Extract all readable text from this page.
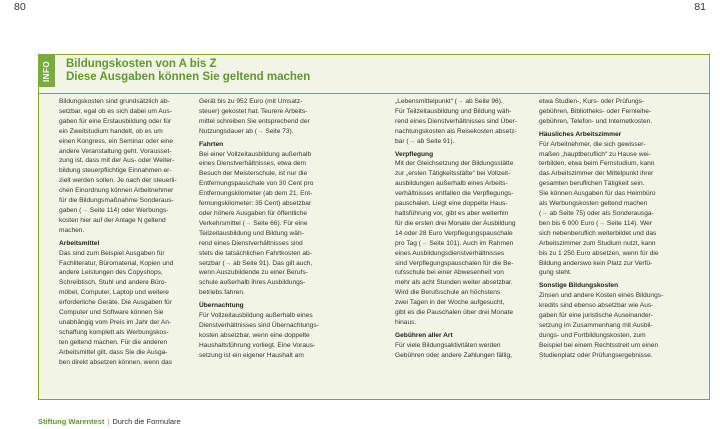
80	81
INFO Bildungskosten von A bis Z
Diese Ausgaben können Sie geltend machen

Bildungskosten sind grundsätzlich ab-
setzbar, egal ob es sich dabei um Aus-
gaben für eine Erstausbildung oder für
ein Zweitstudium handelt, ob es um
einen Kongress, ein Seminar oder eine
andere Veranstaltung geht. Vorausset-
zung ist, dass mit der Aus- oder Weiter-
bildung steuerpflichtige Einnahmen er-
zielt werden sollen. Je nach der steuerli-
chen Einordnung können Arbeitnehmer
für die Bildungsmaßnahme Sonderaus-

gaben (→ Seite 114) oder Werbungs-

kosten hier auf der Anlage N geltend
machen.

Arbeitsmittel

Das sind zum Beispiel Ausgaben für
Fachliteratur, Büromaterial, Kopien und
andere Leistungen des Copyshops,
Schreibtisch, Stuhl und andere Büro-
möbel, Computer, Laptop und weitere
erforderliche Geräte. Die Ausgaben für
Computer und Software können Sie
unabhängig vom Preis im Jahr der An-
schaffung komplett als Werbungskos-
ten geltend machen. Für die anderen
Arbeitsmittel gilt, dass Sie die Ausga-
ben direkt absetzen können, wenn das

Gerät bis zu 952 Euro (mit Umsatz-
steuer) gekostet hat. Teurere Arbeits-
mittel schreiben Sie entsprechend der

Nutzungsdauer ab (→ Seite 73).

Fahrten

Bei einer Vollzeitausbildung außerhalb
eines Dienstverhältnisses, etwa dem
Besuch der Meisterschule, ist nur die
Entfernungspauschale von 30 Cent pro
Entfernungskilometer (ab dem 21. Ent-
fernungskilometer: 35 Cent) absetzbar
oder höhere Ausgaben für öffentliche

Verkehrsmittel (→ Seite 66). Für eine

Teilzeitausbildung und Bildung wäh-
rend eines Dienstverhältnisses sind
stets die tatsächlichen Fahrtkosten ab-

setzbar (→ ab Seite 91). Das gilt auch,

wenn Auszubildende zu einer Berufs-
schule außerhalb ihres Ausbildungs-
betriebs fahren.

Übernachtung

Für Vollzeitausbildung außerhalb eines
Dienstverhältnisses sind Übernachtungs-
kosten absetzbar, wenn eine doppelte
Haushaltsführung vorliegt. Eine Voraus-
setzung ist ein eigener Haushalt am

„Lebensmittelpunkt“ (→ ab Seite 96).

Für Teilzeitausbildung und Bildung wäh-
rend eines Dienstverhältnisses sind Über-
nachtungskosten als Reisekosten absetz-

bar (→ ab Seite 91).

Verpflegung

Mit der Gleichsetzung der Bildungsstätte
zur „ersten Tätigkeitsstätte“ bei Vollzeit-
ausbildungen außerhalb eines Arbeits-
verhältnisses entfallen die Verpflegungs-
pauschalen. Liegt eine doppelte Haus-
haltsführung vor, gibt es aber weiterhin
für die ersten drei Monate der Ausbildung
14 oder 28 Euro Verpflegungspauschale

pro Tag (→ Seite 101). Auch im Rahmen

eines Ausbildungsdienstverhältnisses
sind Verpflegungspauschalen für die Be-
rufsschule bei einer Abwesenheit von
mehr als acht Stunden weiter absetzbar.
Wird die Berufsschule an höchstens
zwei Tagen in der Woche aufgesucht,
gibt es die Pauschalen über drei Monate
hinaus.

Gebühren aller Art

Für viele Bildungsaktivitäten werden
Gebühren oder andere Zahlungen fällig,

etwa Studien-, Kurs- oder Prüfungs-
gebühren, Bibliotheks- oder Fernleihe-
gebühren, Telefon- und Internetkosten.

Häusliches Arbeitszimmer

Für Arbeitnehmer, die sich gewisser-
maßen „hauptberuflich“ zu Hause wei-
terbilden, etwa beim Fernstudium, kann
das Arbeitszimmer der Mittelpunkt ihrer
gesamten beruflichen Tätigkeit sein.
Sie können Ausgaben für das Heimbüro
als Werbungskosten geltend machen

(→ ab Seite 75) oder als Sonderausga-

ben bis 6 000 Euro (→ Seite 114). Wer

sich nebenberuflich weiterbildet und das
Arbeitszimmer zum Studium nutzt, kann
bis zu 1 250 Euro absetzen, wenn für die
Bildung anderswo kein Platz zur Verfü-
gung steht.

Sonstige Bildungskosten

Zinsen und andere Kosten eines Bildungs-
kredits sind ebenso absetzbar wie Aus-
gaben für eine juristische Auseinander-
setzung im Zusammenhang mit Ausbil-
dungs- und Fortbildungskosten, zum
Beispiel bei einem Rechtsstreit um einen
Studienplatz oder Prüfungsergebnisse.

Stiftung Warentest | Durch die Formulare
